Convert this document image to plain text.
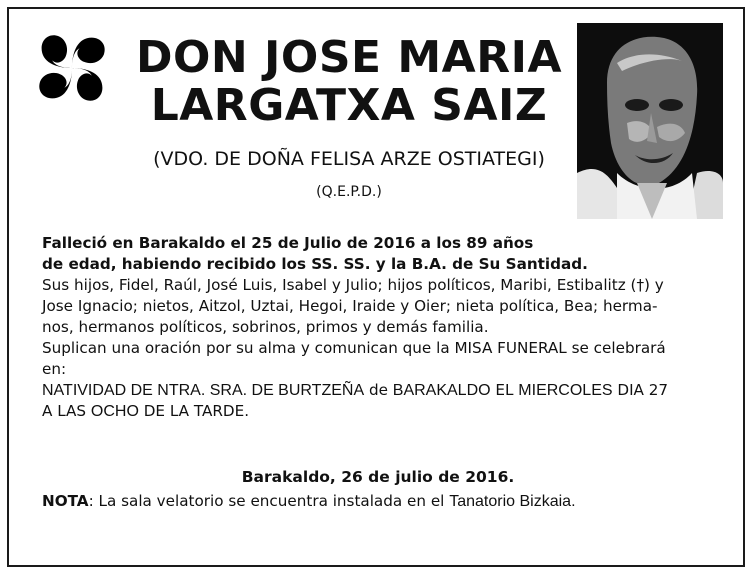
DON JOSE MARIA
LARGATXA SAIZ
(VDO. DE DOÑA FELISA ARZE OSTIATEGI)
(Q.E.P.D.)

Falleció en Barakaldo el 25 de Julio de 2016 a los 89 años

de edad, habiendo recibido los SS. SS. y la B.A. de Su Santidad.

Sus hijos, Fidel, Raúl, José Luis, Isabel y Julio; hijos políticos, Maribi, Estibalitz (†) y

Jose Ignacio; nietos, Aitzol, Uztai, Hegoi, Iraide y Oier; nieta política, Bea; herma-

nos, hermanos políticos, sobrinos, primos y demás familia.

Suplican una oración por su alma y comunican que la MISA FUNERAL se celebrará

en:

NATIVIDAD DE NTRA. SRA. DE BURTZEÑA de BARAKALDO EL MIERCOLES DIA 27

A LAS OCHO DE LA TARDE.

Barakaldo, 26 de julio de 2016.
NOTA: La sala velatorio se encuentra instalada en el Tanatorio Bizkaia.
